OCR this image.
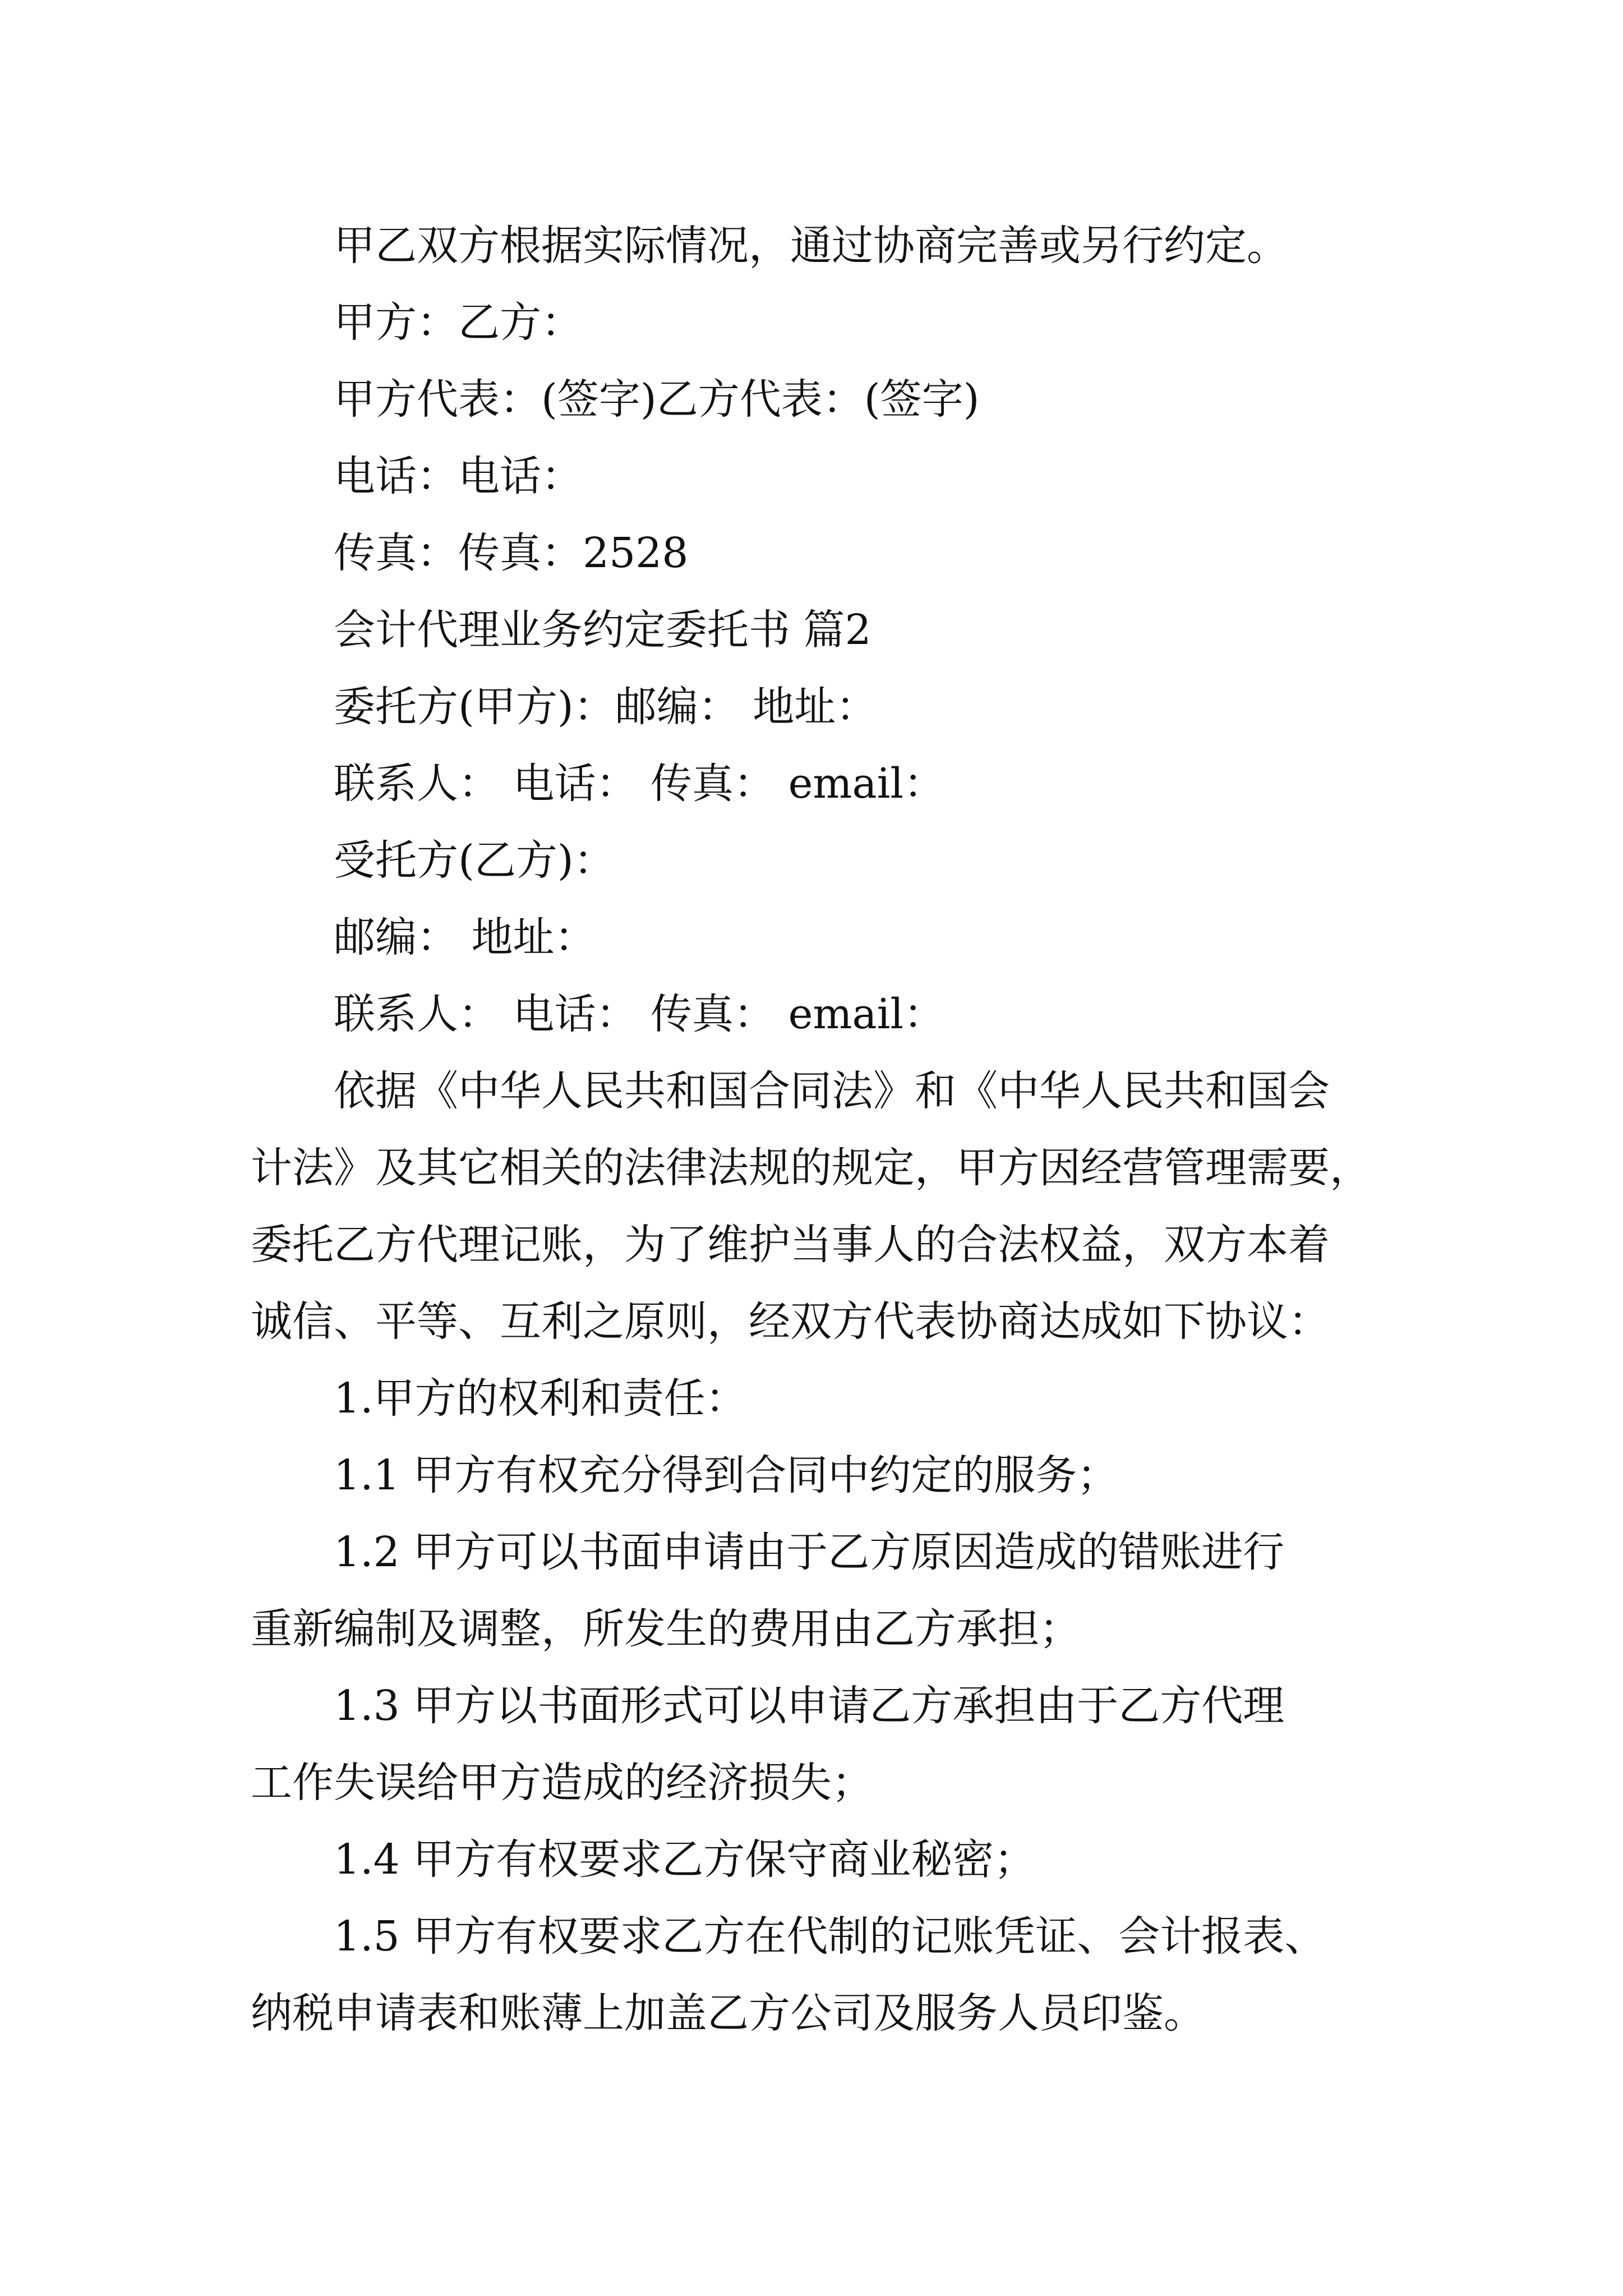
甲乙双方根据实际情况，通过协商完善或另行约定。

甲方：乙方：

甲方代表：(签字)乙方代表：(签字)

电话：电话：

传真：传真：2528

会计代理业务约定委托书 篇2

委托方(甲方)：邮编： 地址：

联系人： 电话： 传真： email：

受托方(乙方)：

邮编： 地址：

联系人： 电话： 传真： email：

依据《中华人民共和国合同法》和《中华人民共和国会

计法》及其它相关的法律法规的规定，甲方因经营管理需要，

委托乙方代理记账，为了维护当事人的合法权益，双方本着

诚信、平等、互利之原则，经双方代表协商达成如下协议：

1.甲方的权利和责任：

1.1 甲方有权充分得到合同中约定的服务；

1.2 甲方可以书面申请由于乙方原因造成的错账进行

重新编制及调整，所发生的费用由乙方承担；

1.3 甲方以书面形式可以申请乙方承担由于乙方代理

工作失误给甲方造成的经济损失；

1.4 甲方有权要求乙方保守商业秘密；

1.5 甲方有权要求乙方在代制的记账凭证、会计报表、

纳税申请表和账薄上加盖乙方公司及服务人员印鉴。
